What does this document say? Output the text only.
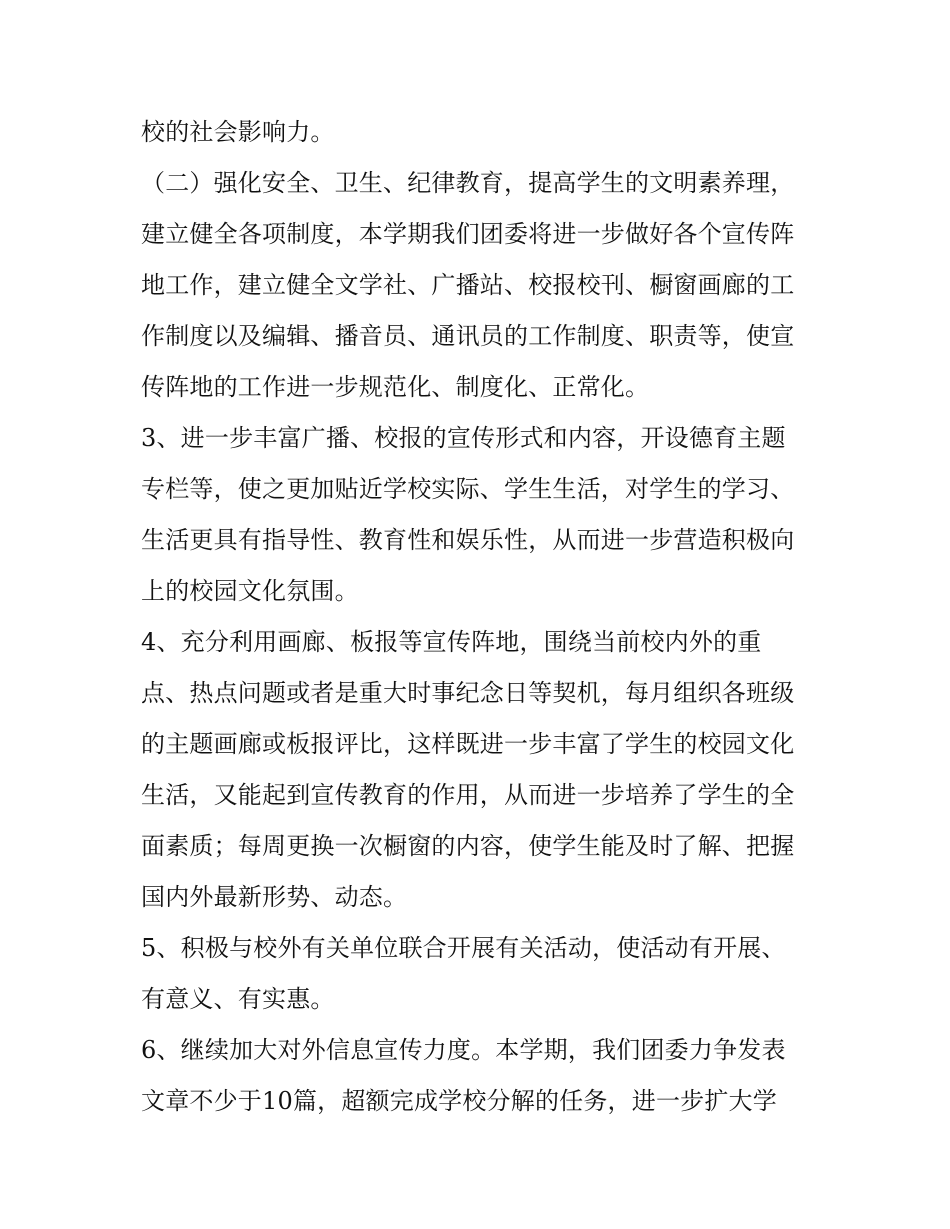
校的社会影响力。
（二）强化安全、卫生、纪律教育，提高学生的文明素养理，
建立健全各项制度，本学期我们团委将进一步做好各个宣传阵
地工作，建立健全文学社、广播站、校报校刊、橱窗画廊的工
作制度以及编辑、播音员、通讯员的工作制度、职责等，使宣
传阵地的工作进一步规范化、制度化、正常化。
3、进一步丰富广播、校报的宣传形式和内容，开设德育主题
专栏等，使之更加贴近学校实际、学生生活，对学生的学习、
生活更具有指导性、教育性和娱乐性，从而进一步营造积极向
上的校园文化氛围。
4、充分利用画廊、板报等宣传阵地，围绕当前校内外的重
点、热点问题或者是重大时事纪念日等契机，每月组织各班级
的主题画廊或板报评比，这样既进一步丰富了学生的校园文化
生活，又能起到宣传教育的作用，从而进一步培养了学生的全
面素质；每周更换一次橱窗的内容，使学生能及时了解、把握
国内外最新形势、动态。
5、积极与校外有关单位联合开展有关活动，使活动有开展、
有意义、有实惠。
6、继续加大对外信息宣传力度。本学期，我们团委力争发表
文章不少于10篇，超额完成学校分解的任务，进一步扩大学
